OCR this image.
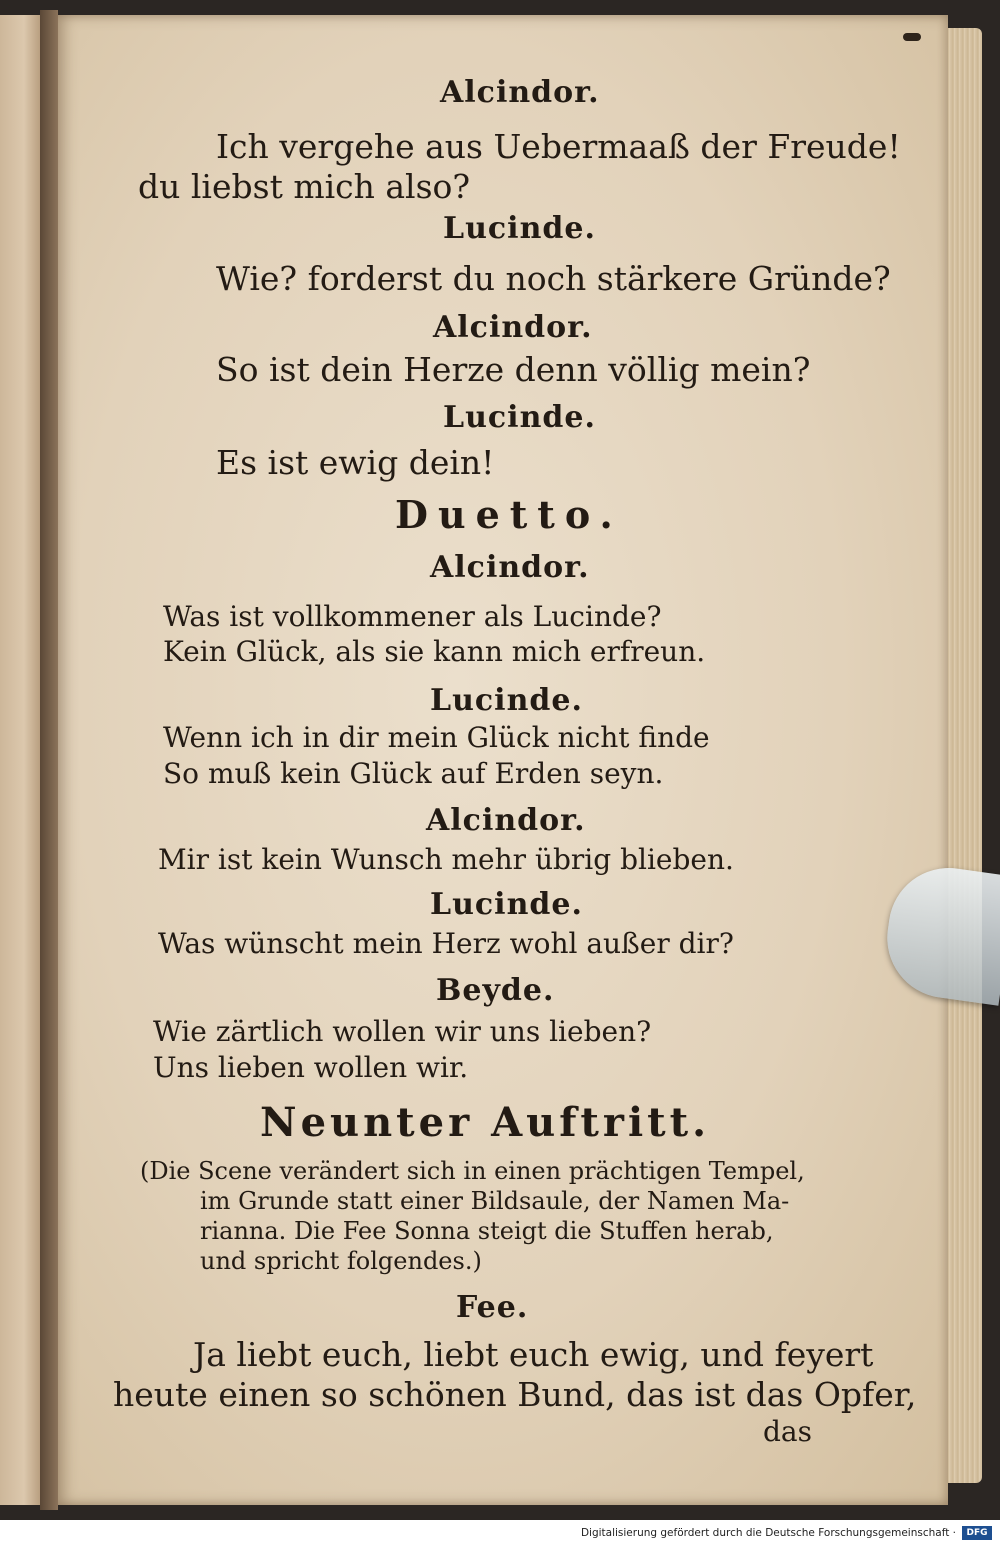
Alcindor.
Ich vergehe aus Uebermaaß der Freude!
du liebst mich also?
Lucinde.
Wie? forderst du noch stärkere Gründe?
Alcindor.
So ist dein Herze denn völlig mein?
Lucinde.
Es ist ewig dein!
Duetto.
Alcindor.
Was ist vollkommener als Lucinde?
Kein Glück, als sie kann mich erfreun.
Lucinde.
Wenn ich in dir mein Glück nicht finde
So muß kein Glück auf Erden seyn.
Alcindor.
Mir ist kein Wunsch mehr übrig blieben.
Lucinde.
Was wünscht mein Herz wohl außer dir?
Beyde.
Wie zärtlich wollen wir uns lieben?
Uns lieben wollen wir.
Neunter Auftritt.
(Die Scene verändert sich in einen prächtigen Tempel,
im Grunde statt einer Bildsaule, der Namen Ma-
rianna. Die Fee Sonna steigt die Stuffen herab,
und spricht folgendes.)
Fee.
Ja liebt euch, liebt euch ewig, und feyert
heute einen so schönen Bund, das ist das Opfer,
das
Digitalisierung gefördert durch die Deutsche Forschungsgemeinschaft ·	DFG
